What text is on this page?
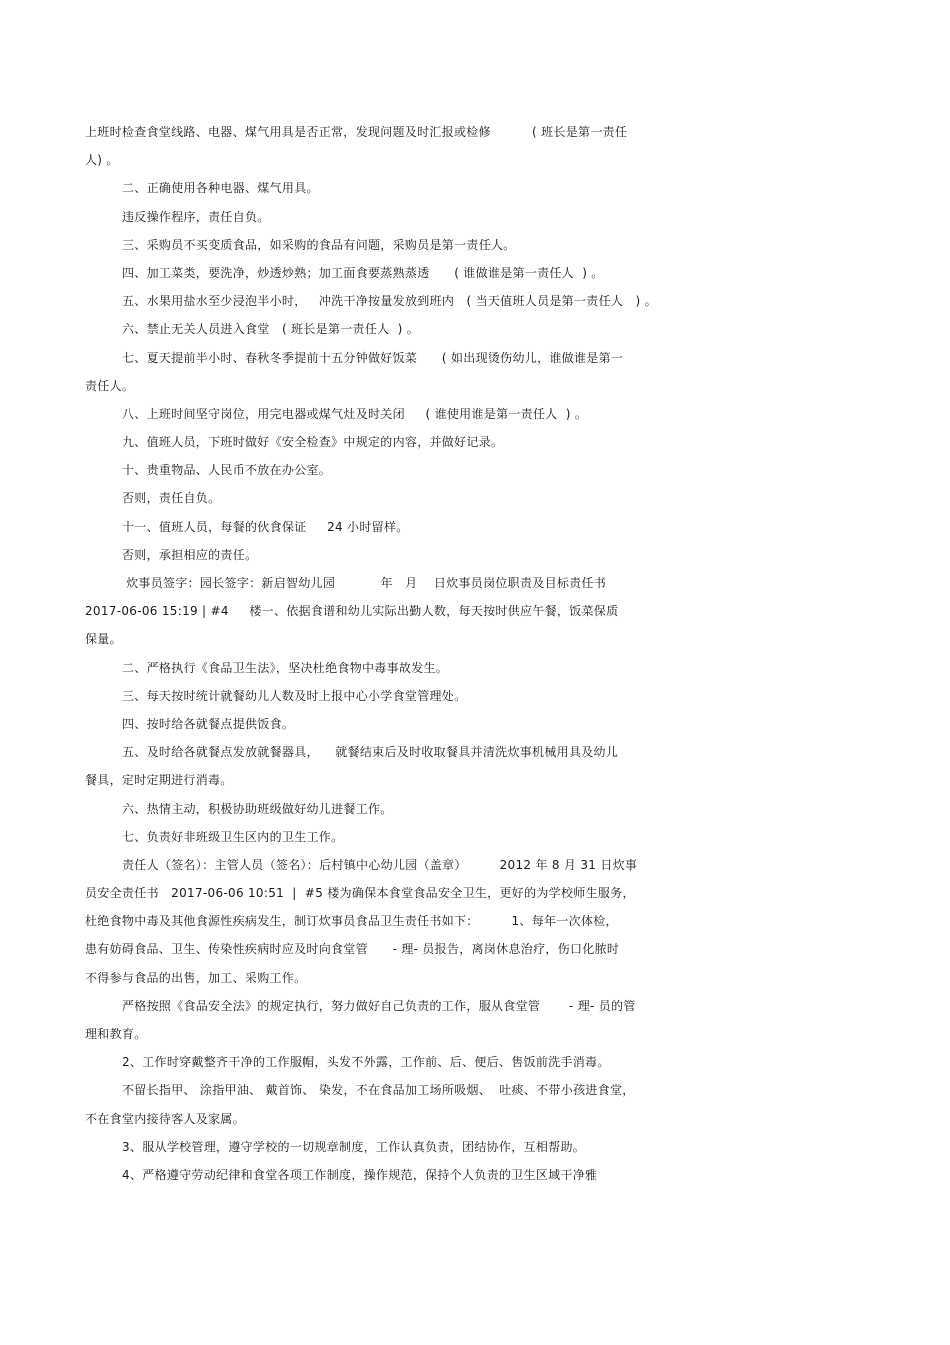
上班时检查食堂线路、电器、煤气用具是否正常，发现问题及时汇报或检修          ( 班长是第一责任
人) 。
二、正确使用各种电器、煤气用具。
违反操作程序，责任自负。
三、采购员不买变质食品，如采购的食品有问题，采购员是第一责任人。
四、加工菜类，要洗净，炒透炒熟；加工面食要蒸熟蒸透      ( 谁做谁是第一责任人  ) 。
五、水果用盐水至少浸泡半小时，   冲洗干净按量发放到班内   ( 当天值班人员是第一责任人   ) 。
六、禁止无关人员进入食堂   ( 班长是第一责任人  ) 。
七、夏天提前半小时、春秋冬季提前十五分钟做好饭菜      ( 如出现烫伤幼儿，谁做谁是第一
责任人。
八、上班时间坚守岗位，用完电器或煤气灶及时关闭     ( 谁使用谁是第一责任人  ) 。
九、值班人员，下班时做好《安全检查》中规定的内容，并做好记录。
十、贵重物品、人民币不放在办公室。
否则，责任自负。
十一、值班人员，每餐的伙食保证     24 小时留样。
否则，承担相应的责任。
炊事员签字：园长签字：新启智幼儿园           年   月    日炊事员岗位职责及目标责任书
2017-06-06 15:19 | #4     楼一、依据食谱和幼儿实际出勤人数，每天按时供应午餐，饭菜保质
保量。
二、严格执行《食品卫生法》，坚决杜绝食物中毒事故发生。
三、每天按时统计就餐幼儿人数及时上报中心小学食堂管理处。
四、按时给各就餐点提供饭食。
五、及时给各就餐点发放就餐器具，    就餐结束后及时收取餐具并清洗炊事机械用具及幼儿
餐具，定时定期进行消毒。
六、热情主动，积极协助班级做好幼儿进餐工作。
七、负责好非班级卫生区内的卫生工作。
责任人（签名）：主管人员（签名）：后村镇中心幼儿园（盖章）        2012 年 8 月 31 日炊事
员安全责任书   2017-06-06 10:51  |  #5 楼为确保本食堂食品安全卫生，更好的为学校师生服务，
杜绝食物中毒及其他食源性疾病发生，制订炊事员食品卫生责任书如下：        1、每年一次体检，
患有妨碍食品、卫生、传染性疾病时应及时向食堂管      - 理- 员报告，离岗休息治疗，伤口化脓时
不得参与食品的出售，加工、采购工作。
严格按照《食品安全法》的规定执行，努力做好自己负责的工作，服从食堂管       - 理- 员的管
理和教育。
2、工作时穿戴整齐干净的工作服帽，头发不外露，工作前、后、便后、售饭前洗手消毒。
不留长指甲、 涂指甲油、 戴首饰、 染发，不在食品加工场所吸烟、  吐痰、不带小孩进食堂，
不在食堂内接待客人及家属。
3、服从学校管理，遵守学校的一切规章制度，工作认真负责，团结协作，互相帮助。
4、严格遵守劳动纪律和食堂各项工作制度，操作规范，保持个人负责的卫生区域干净雅
